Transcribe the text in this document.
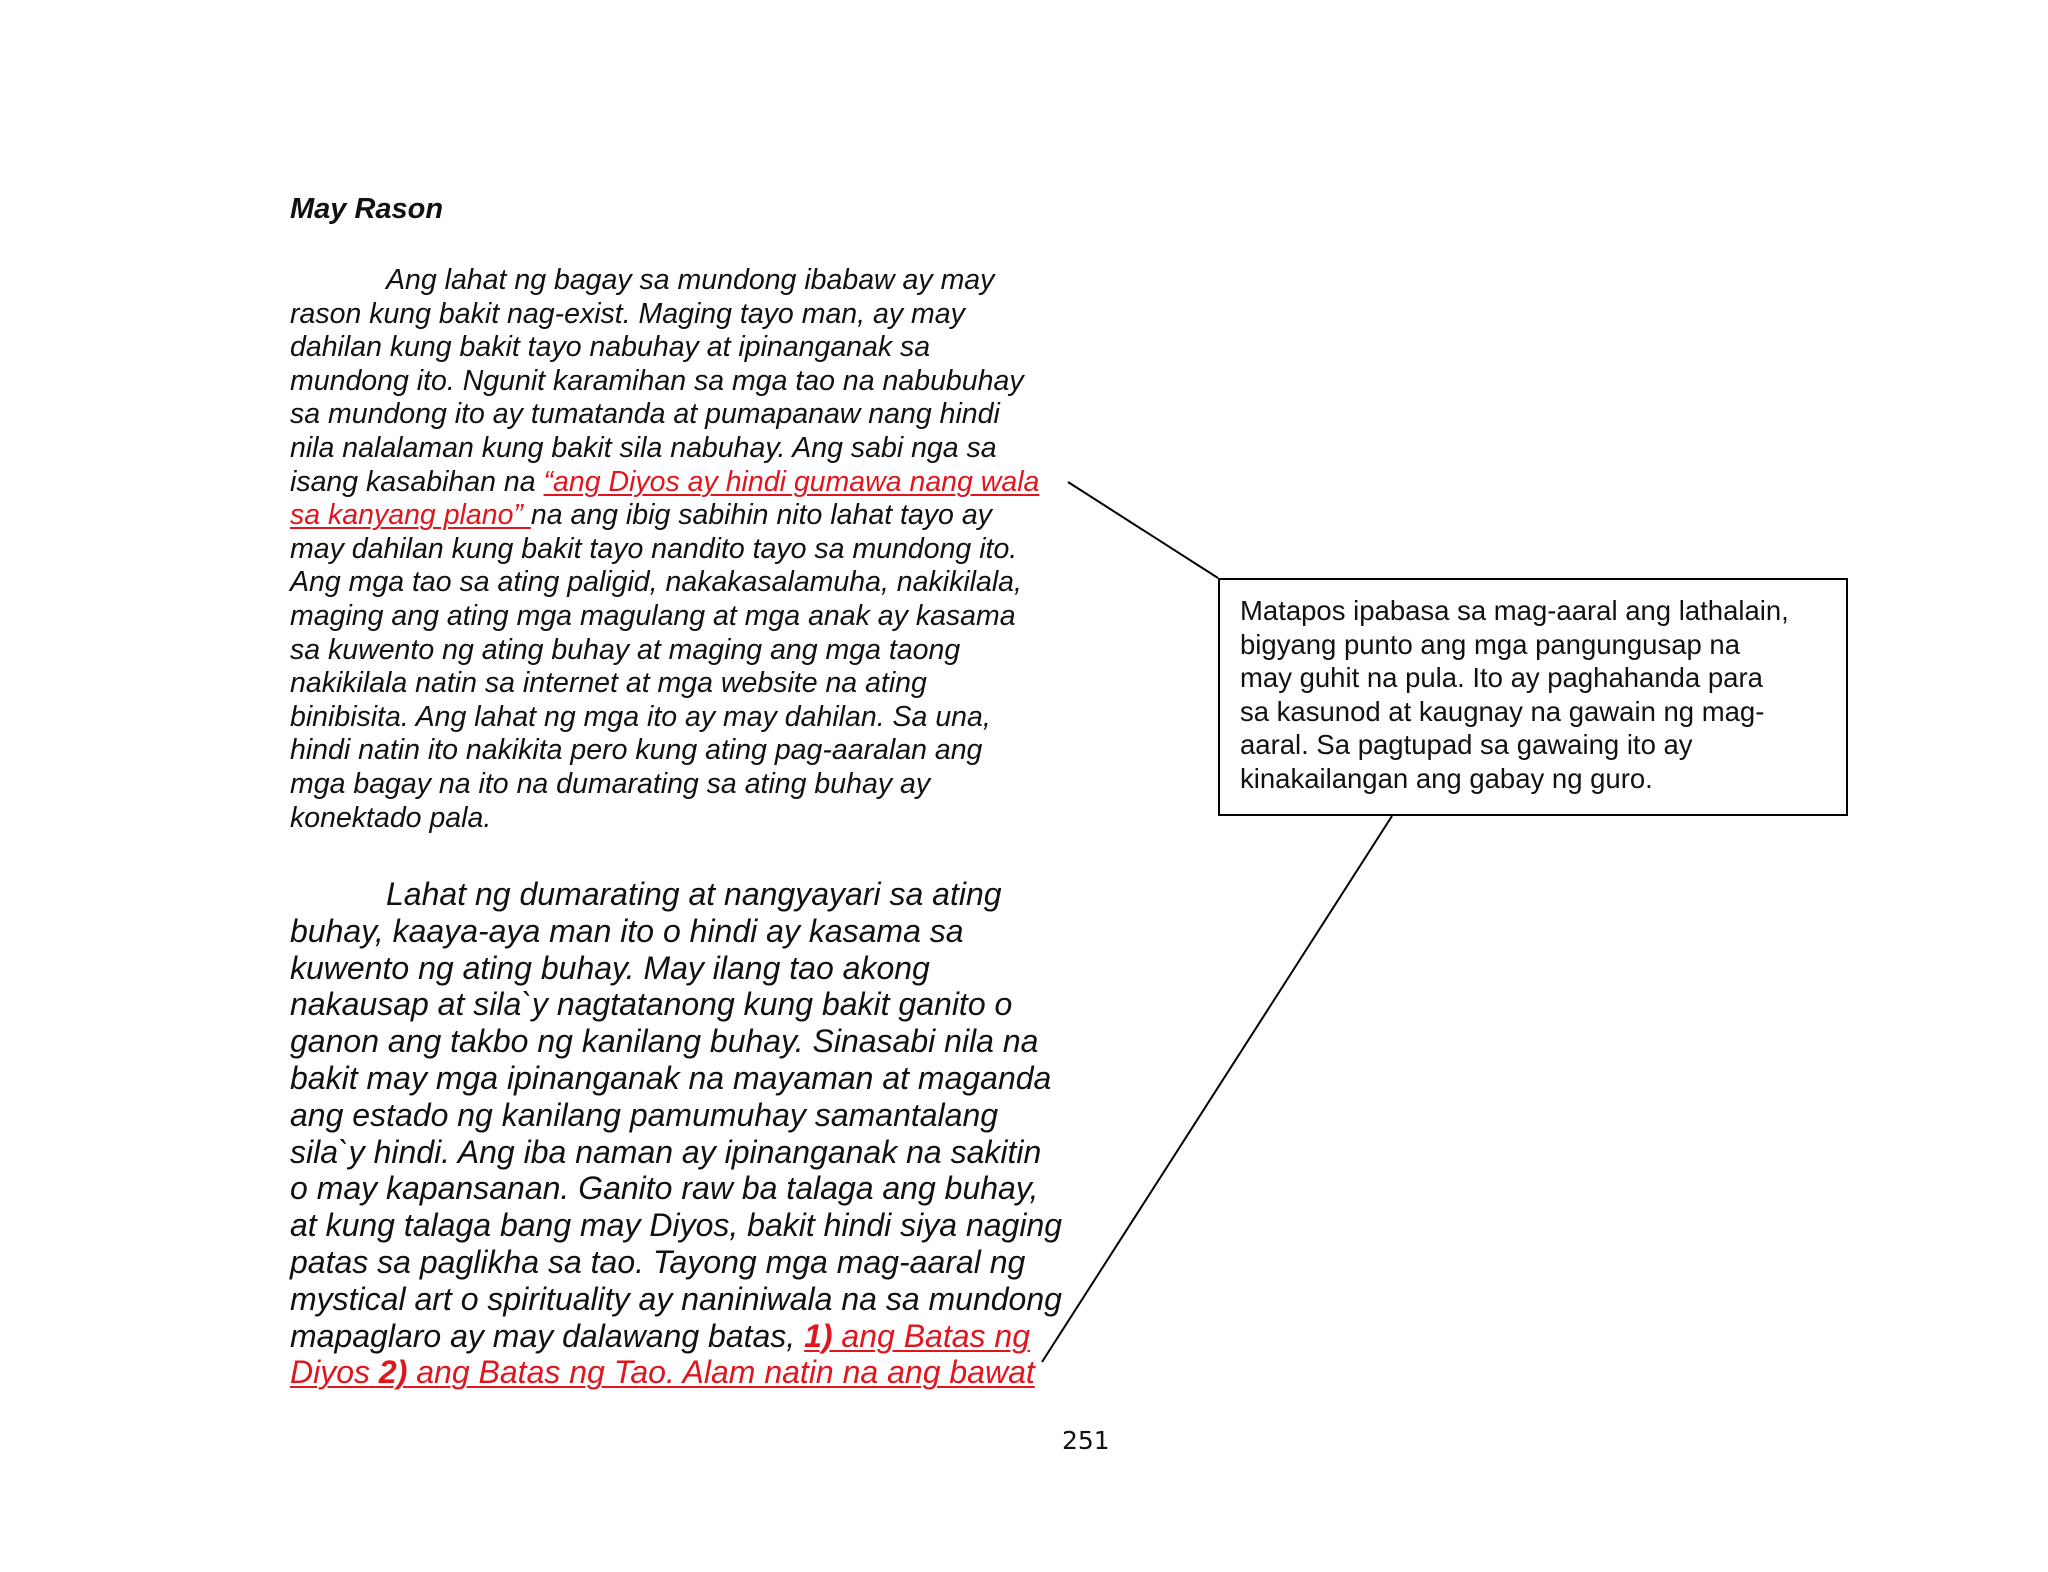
May Rason
Ang lahat ng bagay sa mundong ibabaw ay may
rason kung bakit nag-exist. Maging tayo man, ay may
dahilan kung bakit tayo nabuhay at ipinanganak sa
mundong ito. Ngunit karamihan sa mga tao na nabubuhay
sa mundong ito ay tumatanda at pumapanaw nang hindi
nila nalalaman kung bakit sila nabuhay. Ang sabi nga sa
isang kasabihan na “ang Diyos ay hindi gumawa nang wala
sa kanyang plano” na ang ibig sabihin nito lahat tayo ay
may dahilan kung bakit tayo nandito tayo sa mundong ito.
Ang mga tao sa ating paligid, nakakasalamuha, nakikilala,
maging ang ating mga magulang at mga anak ay kasama
sa kuwento ng ating buhay at maging ang mga taong
nakikilala natin sa internet at mga website na ating
binibisita. Ang lahat ng mga ito ay may dahilan. Sa una,
hindi natin ito nakikita pero kung ating pag-aaralan ang
mga bagay na ito na dumarating sa ating buhay ay
konektado pala.
Lahat ng dumarating at nangyayari sa ating
buhay, kaaya-aya man ito o hindi ay kasama sa
kuwento ng ating buhay. May ilang tao akong
nakausap at sila`y nagtatanong kung bakit ganito o
ganon ang takbo ng kanilang buhay. Sinasabi nila na
bakit may mga ipinanganak na mayaman at maganda
ang estado ng kanilang pamumuhay samantalang
sila`y hindi. Ang iba naman ay ipinanganak na sakitin
o may kapansanan. Ganito raw ba talaga ang buhay,
at kung talaga bang may Diyos, bakit hindi siya naging
patas sa paglikha sa tao. Tayong mga mag-aaral ng
mystical art o spirituality ay naniniwala na sa mundong
mapaglaro ay may dalawang batas, 1) ang Batas ng
Diyos 2) ang Batas ng Tao. Alam natin na ang bawat
Matapos ipabasa sa mag-aaral ang lathalain,
bigyang punto ang mga pangungusap na
may guhit na pula. Ito ay paghahanda para
sa kasunod at kaugnay na gawain ng mag-
aaral. Sa pagtupad sa gawaing ito ay
kinakailangan ang gabay ng guro.
251
